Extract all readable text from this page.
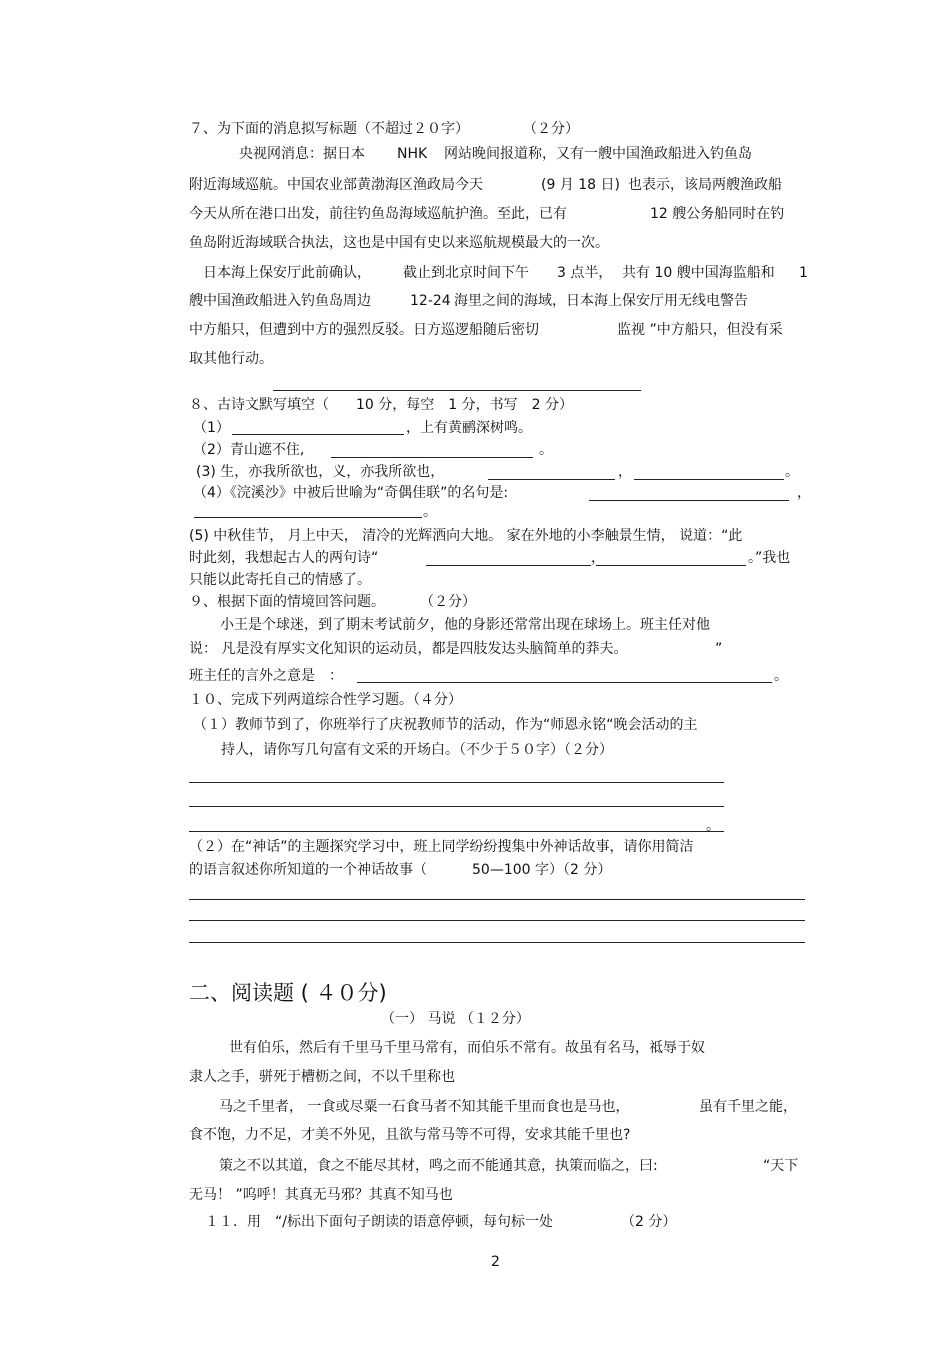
７、为下面的消息拟写标题（不超过２０字）	（２分）
央视网消息：据日本 NHK 网站晚间报道称，又有一艘中国渔政船进入钓鱼岛
附近海域巡航。中国农业部黄渤海区渔政局今天	(9 月 18 日) 也表示，该局两艘渔政船
今天从所在港口出发，前往钓鱼岛海域巡航护渔。至此，已有	12 艘公务船同时在钓
鱼岛附近海域联合执法，这也是中国有史以来巡航规模最大的一次。
日本海上保安厅此前确认， 截止到北京时间下午 3 点半， 共有 10 艘中国海监船和 1
艘中国渔政船进入钓鱼岛周边	12-24 海里之间的海域，日本海上保安厅用无线电警告
中方船只，但遭到中方的强烈反驳。日方巡逻船随后密切	监视 ”中方船只，但没有采
取其他行动。
８、古诗文默写填空（ 10 分，每空　1 分，书写　2 分）
（1）	，上有黄鹂深树鸣。
（2）青山遮不住,	。
(3) 生，亦我所欲也，义，亦我所欲也，	，	。
（4）《浣溪沙》中被后世喻为“奇偶佳联”的名句是:	，
。
(5) 中秋佳节， 月上中天， 清冷的光辉洒向大地。 家在外地的小李触景生情， 说道：“此
时此刻，我想起古人的两句诗“	，	。”我也
只能以此寄托自己的情感了。
９、根据下面的情境回答问题。	（２分）
小王是个球迷，到了期末考试前夕，他的身影还常常出现在球场上。班主任对他
说： 凡是没有厚实文化知识的运动员，都是四肢发达头脑简单的莽夫。	”
班主任的言外之意是　：	。
１０、完成下列两道综合性学习题。（４分）
（１）教师节到了，你班举行了庆祝教师节的活动，作为“师恩永铭“晚会活动的主
持人，请你写几句富有文采的开场白。（不少于５０字）（２分）
。
（２）在“神话”的主题探究学习中，班上同学纷纷搜集中外神话故事，请你用简洁
的语言叙述你所知道的一个神话故事（	50—100 字）（2 分）
二、阅读题 ( ４０分)
（一） 马说 （１２分）
世有伯乐，然后有千里马千里马常有，而伯乐不常有。故虽有名马，祗辱于奴
隶人之手，骈死于槽枥之间，不以千里称也
马之千里者， 一食或尽粟一石食马者不知其能千里而食也是马也，	虽有千里之能，
食不饱，力不足，才美不外见，且欲与常马等不可得，安求其能千里也?
策之不以其道，食之不能尽其材，鸣之而不能通其意，执策而临之，曰:	“天下
无马！ ”呜呼！其真无马邪？其真不知马也
１１．用　“/标出下面句子朗读的语意停顿，每句标一处	（2 分）
2
